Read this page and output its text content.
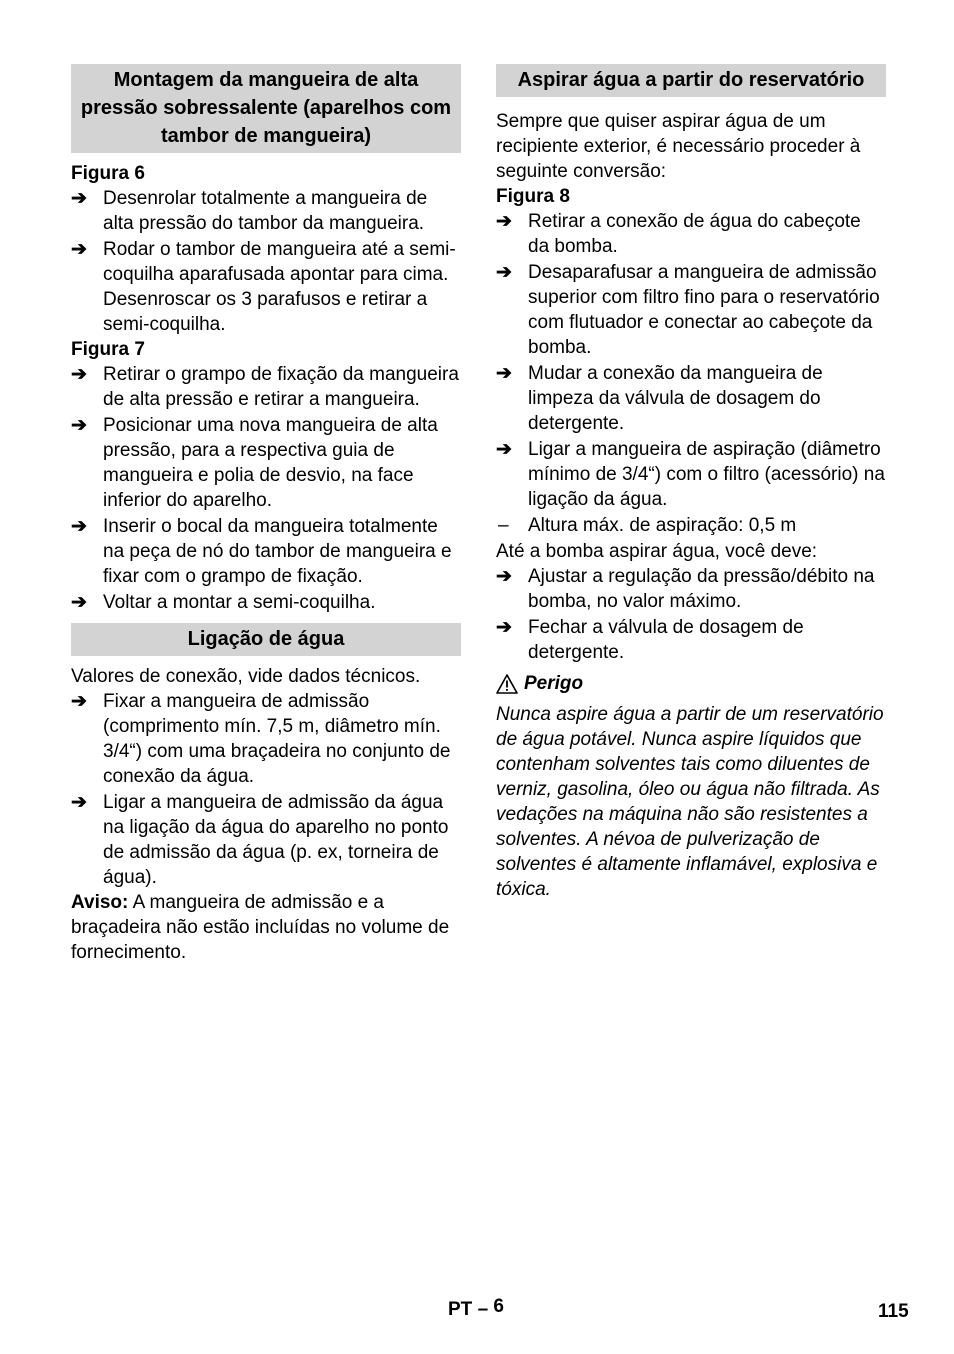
Montagem da mangueira de alta pressão sobressalente (aparelhos com tambor de mangueira)
Figura 6
➔ Desenrolar totalmente a mangueira de alta pressão do tambor da mangueira.
➔ Rodar o tambor de mangueira até a semi-coquilha aparafusada apontar para cima. Desenroscar os 3 parafusos e retirar a semi-coquilha.
Figura 7
➔ Retirar o grampo de fixação da mangueira de alta pressão e retirar a mangueira.
➔ Posicionar uma nova mangueira de alta pressão, para a respectiva guia de mangueira e polia de desvio, na face inferior do aparelho.
➔ Inserir o bocal da mangueira totalmente na peça de nó do tambor de mangueira e fixar com o grampo de fixação.
➔ Voltar a montar a semi-coquilha.
Ligação de água
Valores de conexão, vide dados técnicos.
➔ Fixar a mangueira de admissão (comprimento mín. 7,5 m, diâmetro mín. 3/4“) com uma braçadeira no conjunto de conexão da água.
➔ Ligar a mangueira de admissão da água na ligação da água do aparelho no ponto de admissão da água (p. ex, torneira de água).
Aviso: A mangueira de admissão e a braçadeira não estão incluídas no volume de fornecimento.
Aspirar água a partir do reservatório
Sempre que quiser aspirar água de um recipiente exterior, é necessário proceder à seguinte conversão:
Figura 8
➔ Retirar a conexão de água do cabeçote da bomba.
➔ Desaparafusar a mangueira de admissão superior com filtro fino para o reservatório com flutuador e conectar ao cabeçote da bomba.
➔ Mudar a conexão da mangueira de limpeza da válvula de dosagem do detergente.
➔ Ligar a mangueira de aspiração (diâmetro mínimo de 3/4“) com o filtro (acessório) na ligação da água.
– Altura máx. de aspiração: 0,5 m
Até a bomba aspirar água, você deve:
➔ Ajustar a regulação da pressão/débito na bomba, no valor máximo.
➔ Fechar a válvula de dosagem de detergente.
Perigo
Nunca aspire água a partir de um reservatório de água potável. Nunca aspire líquidos que contenham solventes tais como diluentes de verniz, gasolina, óleo ou água não filtrada. As vedações na máquina não são resistentes a solventes. A névoa de pulverização de solventes é altamente inflamável, explosiva e tóxica.
PT – 6	115
